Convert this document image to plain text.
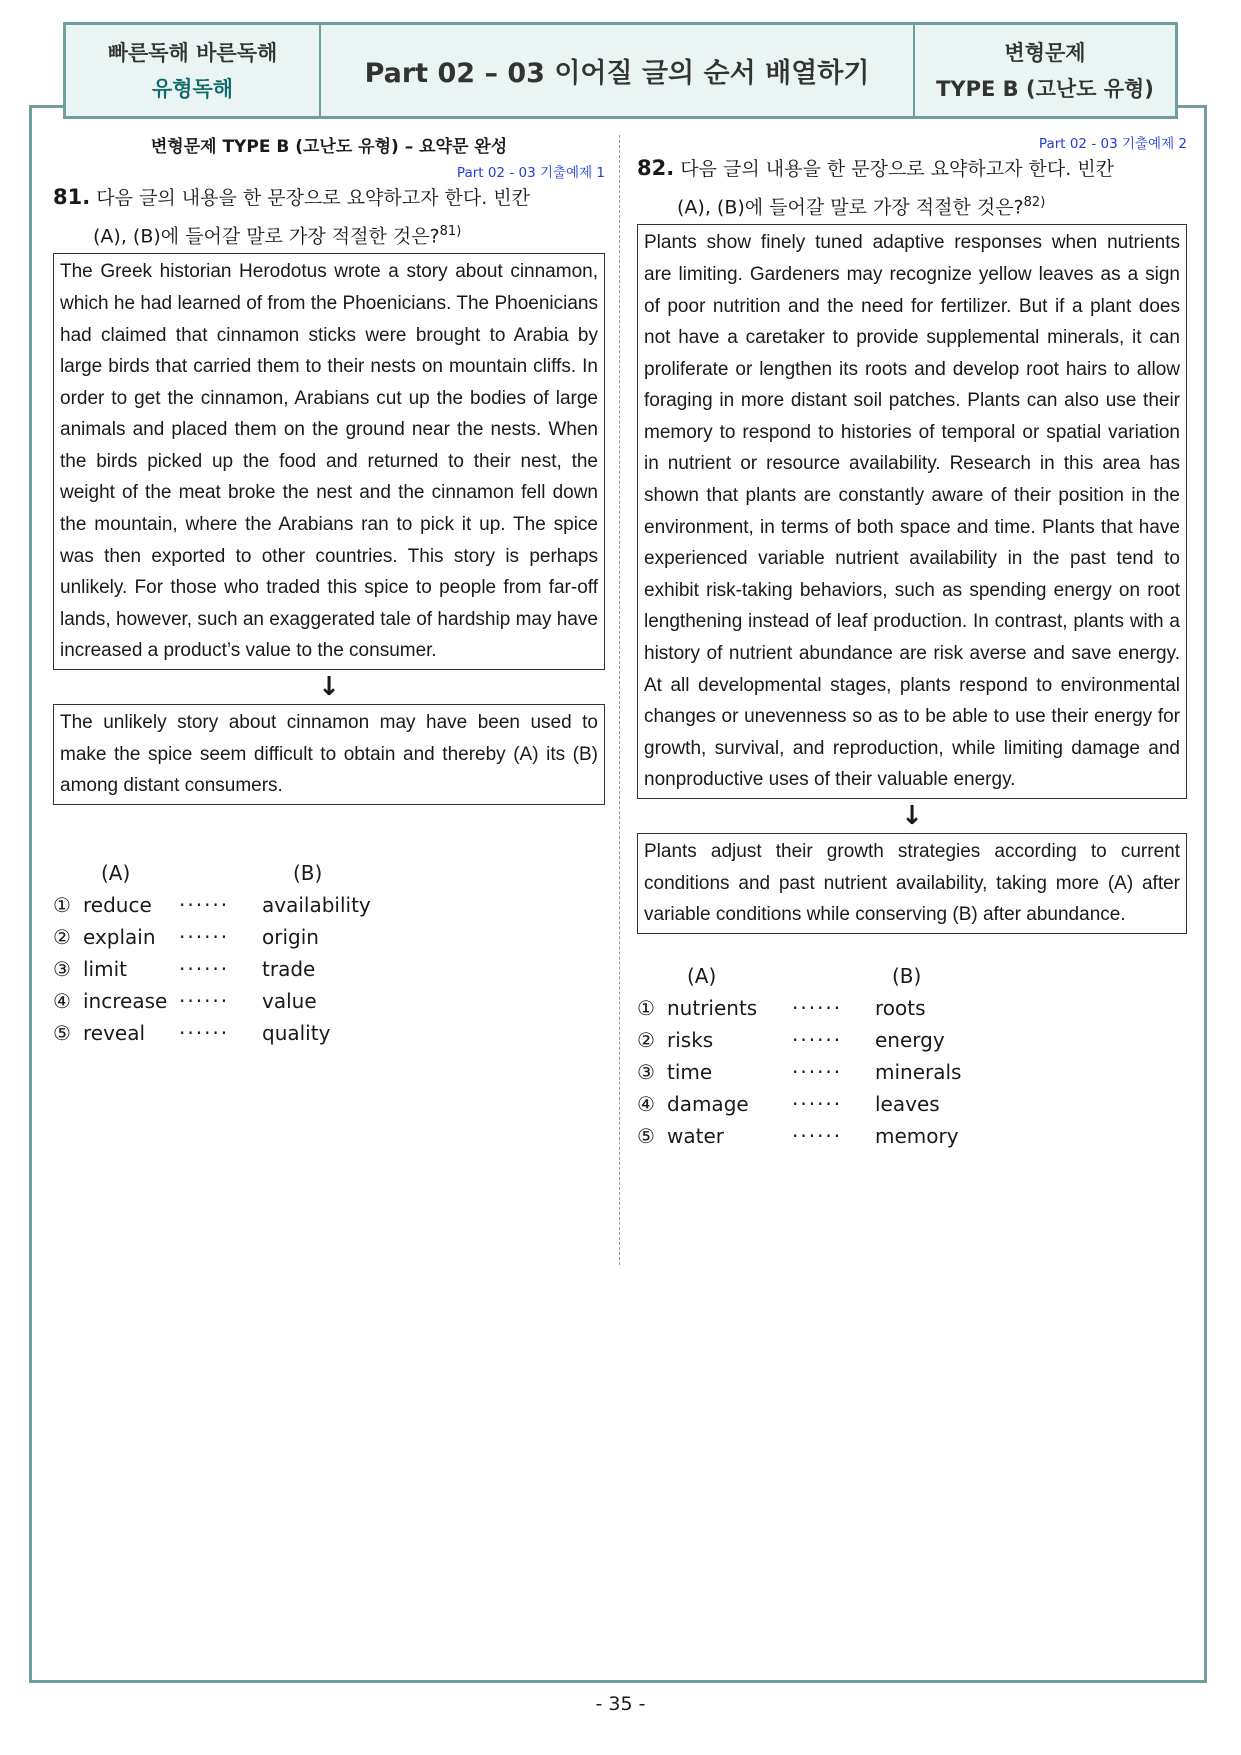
빠른독해 바른독해
유형독해	Part 02 – 03 이어질 글의 순서 배열하기
변형문제
TYPE B (고난도 유형)
변형문제 TYPE B (고난도 유형) – 요약문 완성
Part 02 - 03 기출예제 1
81. 다음 글의 내용을 한 문장으로 요약하고자 한다. 빈칸
(A), (B)에 들어갈 말로 가장 적절한 것은?$^{81)}$
The Greek historian Herodotus wrote a story about cinnamon, which he had learned of from the Phoenicians. The Phoenicians had claimed that cinnamon sticks were brought to Arabia by large birds that carried them to their nests on mountain cliffs. In order to get the cinnamon, Arabians cut up the bodies of large animals and placed them on the ground near the nests. When the birds picked up the food and returned to their nest, the weight of the meat broke the nest and the cinnamon fell down the mountain, where the Arabians ran to pick it up. The spice was then exported to other countries. This story is perhaps unlikely. For those who traded this spice to people from far-off lands, however, such an exaggerated tale of hardship may have increased a product’s value to the consumer.
↓
The unlikely story about cinnamon may have been used to make the spice seem difficult to obtain and thereby (A) its (B) among distant consumers.
(A)	(B)
① reduce ······ availability
② explain ······ origin
③ limit	······ trade
④ increase ······ value
⑤ reveal ······ quality
Part 02 - 03 기출예제 2
82. 다음 글의 내용을 한 문장으로 요약하고자 한다. 빈칸
(A), (B)에 들어갈 말로 가장 적절한 것은?$^{82)}$
Plants show finely tuned adaptive responses when nutrients are limiting. Gardeners may recognize yellow leaves as a sign of poor nutrition and the need for fertilizer. But if a plant does not have a caretaker to provide supplemental minerals, it can proliferate or lengthen its roots and develop root hairs to allow foraging in more distant soil patches. Plants can also use their memory to respond to histories of temporal or spatial variation in nutrient or resource availability. Research in this area has shown that plants are constantly aware of their position in the environment, in terms of both space and time. Plants that have experienced variable nutrient availability in the past tend to exhibit risk-taking behaviors, such as spending energy on root lengthening instead of leaf production. In contrast, plants with a history of nutrient abundance are risk averse and save energy. At all developmental stages, plants respond to environmental changes or unevenness so as to be able to use their energy for growth, survival, and reproduction, while limiting damage and nonproductive uses of their valuable energy.
↓
Plants adjust their growth strategies according to current conditions and past nutrient availability, taking more (A) after variable conditions while conserving (B) after abundance.
(A)	(B)
① nutrients ······ roots
② risks	······ energy
③ time	······ minerals
④ damage ······ leaves
⑤ water	······ memory
- 35 -
